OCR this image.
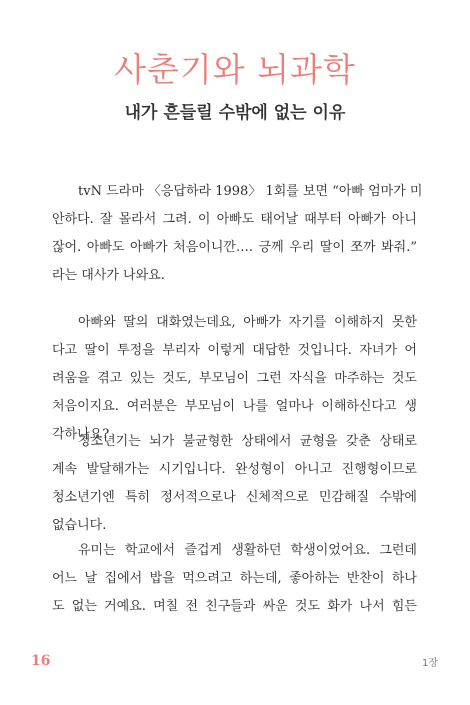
사춘기와 뇌과학
내가 흔들릴 수밖에 없는 이유
tvN 드라마 〈응답하라 1998〉 1회를 보면 “아빠 엄마가 미
안하다. 잘 몰라서 그려. 이 아빠도 태어날 때부터 아빠가 아니
잖어. 아빠도 아빠가 처음이니깐…. 긍께 우리 딸이 쪼까 봐줘.”
라는 대사가 나와요.
아빠와 딸의 대화였는데요, 아빠가 자기를 이해하지 못한
다고 딸이 투정을 부리자 이렇게 대답한 것입니다. 자녀가 어
려움을 겪고 있는 것도, 부모님이 그런 자식을 마주하는 것도
처음이지요. 여러분은 부모님이 나를 얼마나 이해하신다고 생
각하나요?
청소년기는 뇌가 불균형한 상태에서 균형을 갖춘 상태로
계속 발달해가는 시기입니다. 완성형이 아니고 진행형이므로
청소년기엔 특히 정서적으로나 신체적으로 민감해질 수밖에
없습니다.
유미는 학교에서 즐겁게 생활하던 학생이었어요. 그런데
어느 날 집에서 밥을 먹으려고 하는데, 좋아하는 반찬이 하나
도 없는 거예요. 며칠 전 친구들과 싸운 것도 화가 나서 힘든
16	1장
